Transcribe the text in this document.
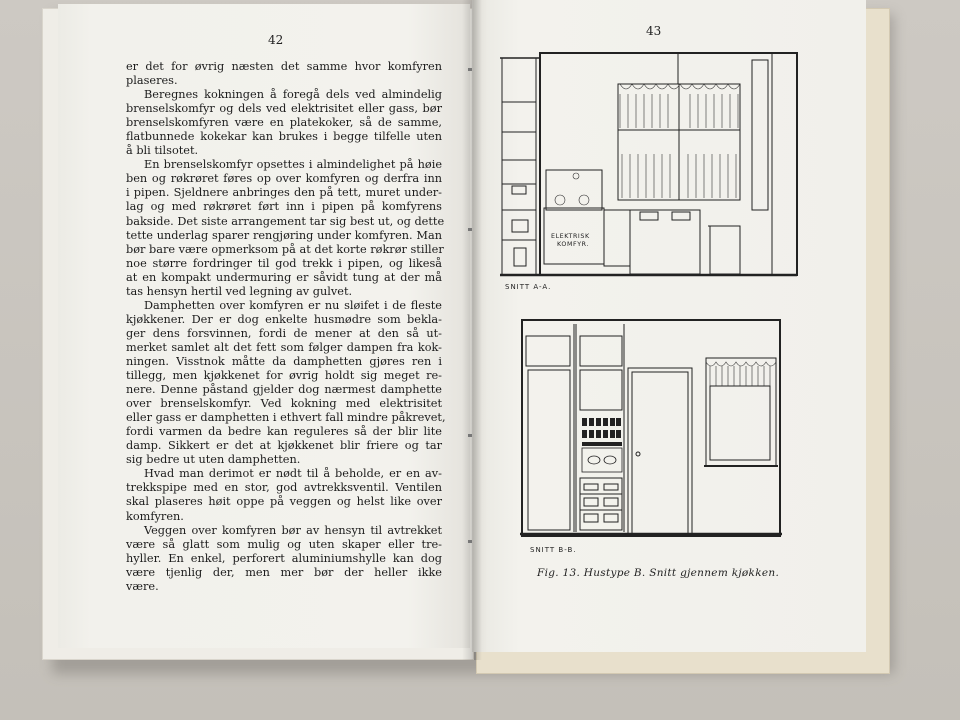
42
43
er det for øvrig næsten det samme hvor komfyren
plaseres.
Beregnes kokningen å foregå dels ved almindelig
brenselskomfyr og dels ved elektrisitet eller gass, bør
brenselskomfyren være en platekoker, så de samme,
flatbunnede kokekar kan brukes i begge tilfelle uten
å bli tilsotet.
En brenselskomfyr opsettes i almindelighet på høie
ben og røkrøret føres op over komfyren og derfra inn
i pipen. Sjeldnere anbringes den på tett, muret under-
lag og med røkrøret ført inn i pipen på komfyrens
bakside. Det siste arrangement tar sig best ut, og dette
tette underlag sparer rengjøring under komfyren. Man
bør bare være opmerksom på at det korte røkrør stiller
noe større fordringer til god trekk i pipen, og likeså
at en kompakt undermuring er såvidt tung at der må
tas hensyn hertil ved legning av gulvet.
Damphetten over komfyren er nu sløifet i de fleste
kjøkkener. Der er dog enkelte husmødre som bekla-
ger dens forsvinnen, fordi de mener at den så ut-
merket samlet alt det fett som følger dampen fra kok-
ningen. Visstnok måtte da damphetten gjøres ren i
tillegg, men kjøkkenet for øvrig holdt sig meget re-
nere. Denne påstand gjelder dog nærmest damphette
over brenselskomfyr. Ved kokning med elektrisitet
eller gass er damphetten i ethvert fall mindre påkrevet,
fordi varmen da bedre kan reguleres så der blir lite
damp. Sikkert er det at kjøkkenet blir friere og tar
sig bedre ut uten damphetten.
Hvad man derimot er nødt til å beholde, er en av-
trekkspipe med en stor, god avtrekksventil. Ventilen
skal plaseres høit oppe på veggen og helst like over
komfyren.
Veggen over komfyren bør av hensyn til avtrekket
være så glatt som mulig og uten skaper eller tre-
hyller. En enkel, perforert aluminiumshylle kan dog
være tjenlig der, men mer bør der heller ikke
være.
ELEKTRISK
KOMFYR.
SNITT A-A.
SNITT B-B.
Fig. 13. Hustype B. Snitt gjennem kjøkken.
